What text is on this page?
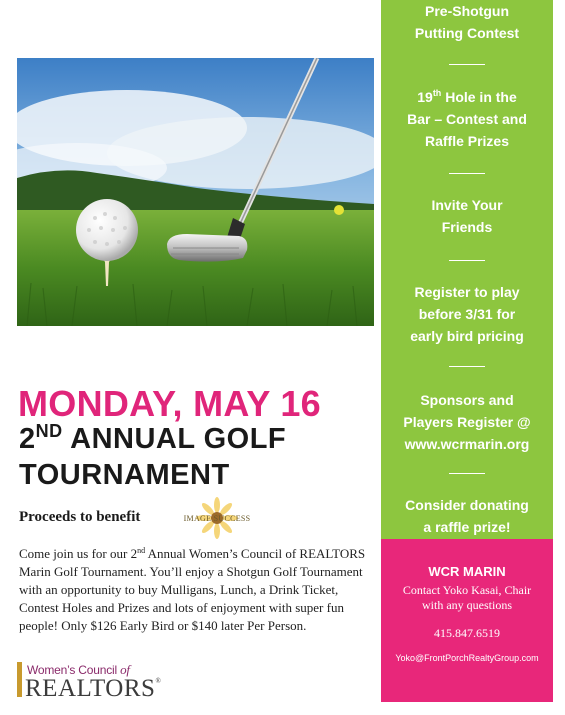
MONDAY, MAY 16
2ND ANNUAL GOLF
TOURNAMENT
Proceeds to benefit	IMAGE SUCCESS
Come join us for our 2nd Annual Women’s Council of REALTORS Marin Golf Tournament. You’ll enjoy a Shotgun Golf Tournament with an opportunity to buy Mulligans, Lunch, a Drink Ticket, Contest Holes and Prizes and lots of enjoyment with super fun people! Only $126 Early Bird or $140 later Per Person.
Women’s Council of
REALTORS®
Pre-Shotgun
Putting Contest
19th Hole in the
Bar – Contest and
Raffle Prizes
Invite Your
Friends
Register to play
before 3/31 for
early bird pricing
Sponsors and
Players Register @
www.wcrmarin.org
Consider donating
a raffle prize!
WCR MARIN
Contact Yoko Kasai, Chair
with any questions
415.847.6519
Yoko@FrontPorchRealtyGroup.com
